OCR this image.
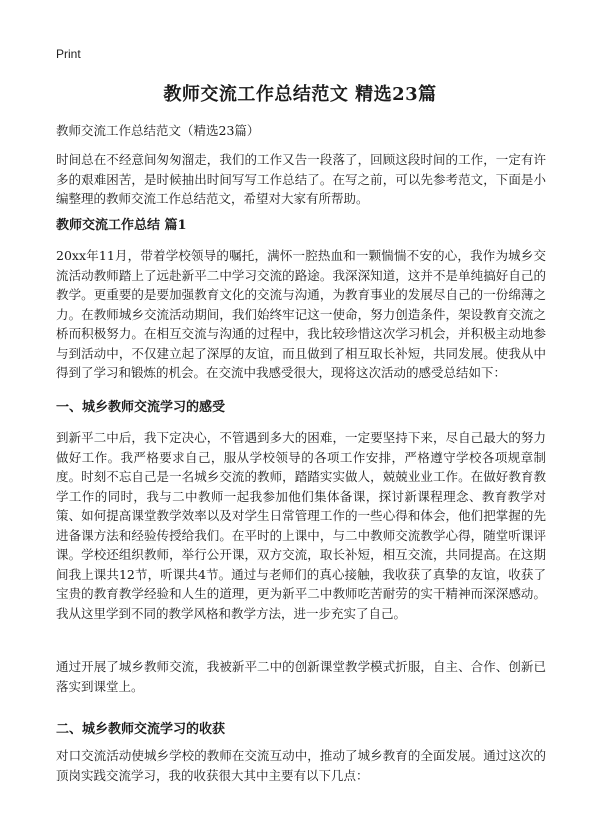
Print
教师交流工作总结范文 精选23篇
教师交流工作总结范文（精选23篇）

时间总在不经意间匆匆溜走，我们的工作又告一段落了，回顾这段时间的工作，一定有许多的艰难困苦，是时候抽出时间写写工作总结了。在写之前，可以先参考范文，下面是小编整理的教师交流工作总结范文，希望对大家有所帮助。

教师交流工作总结 篇1

20xx年11月，带着学校领导的嘱托，满怀一腔热血和一颗惴惴不安的心，我作为城乡交流活动教师踏上了远赴新平二中学习交流的路途。我深深知道，这并不是单纯搞好自己的教学。更重要的是要加强教育文化的交流与沟通，为教育事业的发展尽自己的一份绵薄之力。在教师城乡交流活动期间，我们始终牢记这一使命，努力创造条件，架设教育交流之桥而积极努力。在相互交流与沟通的过程中，我比较珍惜这次学习机会，并积极主动地参与到活动中，不仅建立起了深厚的友谊，而且做到了相互取长补短，共同发展。使我从中得到了学习和锻炼的机会。在交流中我感受很大，现将这次活动的感受总结如下：

一、城乡教师交流学习的感受

到新平二中后，我下定决心，不管遇到多大的困难，一定要坚持下来，尽自己最大的努力做好工作。我严格要求自己，服从学校领导的各项工作安排，严格遵守学校各项规章制度。时刻不忘自己是一名城乡交流的教师，踏踏实实做人，兢兢业业工作。在做好教育教学工作的同时，我与二中教师一起我参加他们集体备课，探讨新课程理念、教育教学对策、如何提高课堂教学效率以及对学生日常管理工作的一些心得和体会，他们把掌握的先进备课方法和经验传授给我们。在平时的上课中，与二中教师交流教学心得，随堂听课评课。学校还组织教师，举行公开课，双方交流，取长补短，相互交流，共同提高。在这期间我上课共12节，听课共4节。通过与老师们的真心接触，我收获了真挚的友谊，收获了宝贵的教育教学经验和人生的道理，更为新平二中教师吃苦耐劳的实干精神而深深感动。我从这里学到不同的教学风格和教学方法，进一步充实了自己。

通过开展了城乡教师交流，我被新平二中的创新课堂教学模式折服，自主、合作、创新已落实到课堂上。

二、城乡教师交流学习的收获

对口交流活动使城乡学校的教师在交流互动中，推动了城乡教育的全面发展。通过这次的顶岗实践交流学习，我的收获很大其中主要有以下几点：
